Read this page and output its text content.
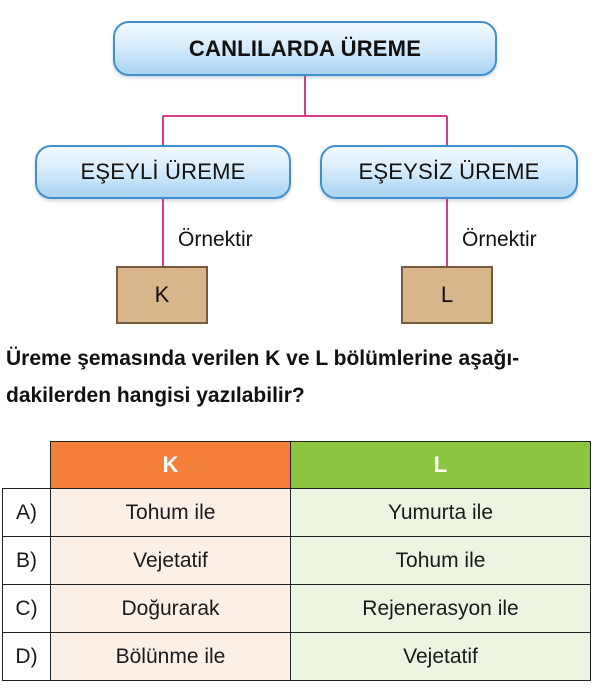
CANLILARDA ÜREME
EŞEYLİ ÜREME	EŞEYSİZ ÜREME
Örnektir	Örnektir
K	L
Üreme şemasında verilen K ve L bölümlerine aşağı-
dakilerden hangisi yazılabilir?
	K	L
A)	Tohum ile	Yumurta ile
B)	Vejetatif	Tohum ile
C)	Doğurarak	Rejenerasyon ile
D)	Bölünme ile	Vejetatif
